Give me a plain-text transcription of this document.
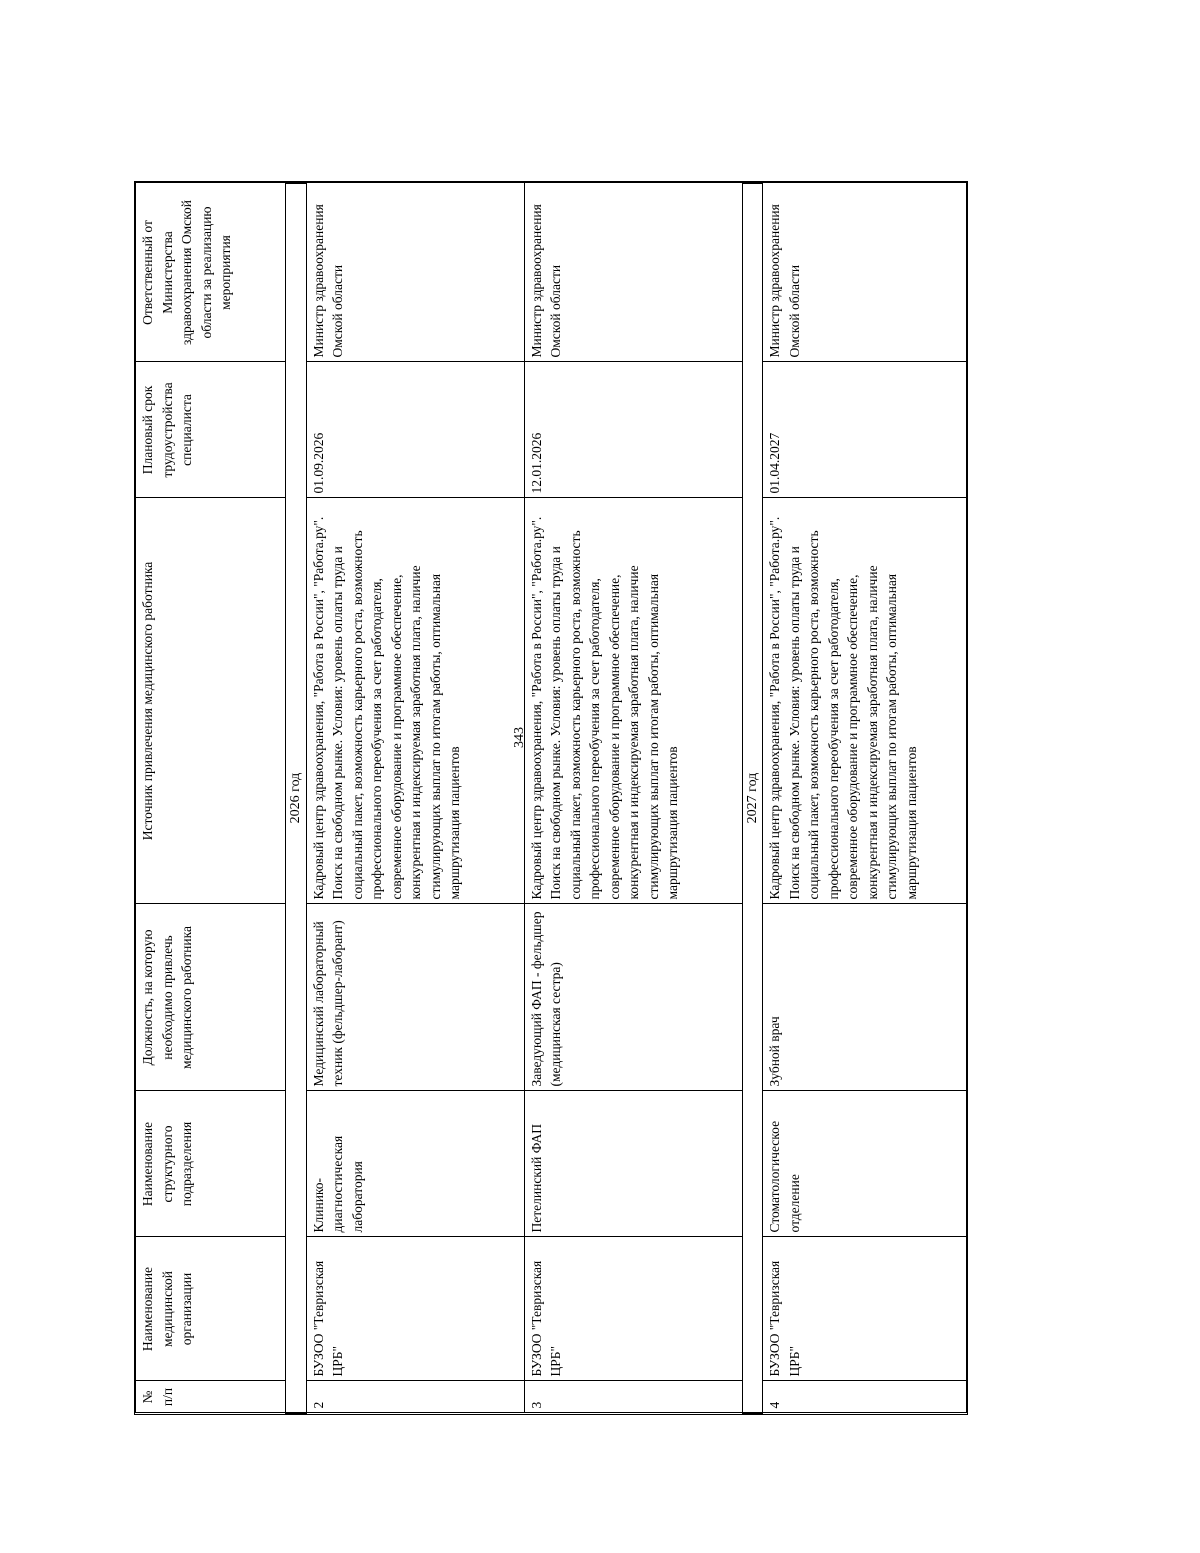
343
№ п/п	Наименование медицинской организации	Наименование структурного подразделения	Должность, на которую необходимо привлечь медицинского работника	Источник привлечения медицинского работника	Плановый срок трудоустройства специалиста	Ответственный от Министерства здравоохранения Омской области за реализацию мероприятия
2026 год						
2	БУЗОО "Тевризская ЦРБ"	Клинико-диагностическая лаборатория	Медицинский лабораторный техник (фельдшер-лаборант)	Кадровый центр здравоохранения, "Работа в России", "Работа.ру". Поиск на свободном рынке. Условия: уровень оплаты труда и социальный пакет, возможность карьерного роста, возможность профессионального переобучения за счет работодателя, современное оборудование и программное обеспечение, конкурентная и индексируемая заработная плата, наличие стимулирующих выплат по итогам работы, оптимальная маршрутизация пациентов	01.09.2026	Министр здравоохранения Омской области
3	БУЗОО "Тевризская ЦРБ"	Петелинский ФАП	Заведующий ФАП - фельдшер (медицинская сестра)	Кадровый центр здравоохранения, "Работа в России", "Работа.ру". Поиск на свободном рынке. Условия: уровень оплаты труда и социальный пакет, возможность карьерного роста, возможность профессионального переобучения за счет работодателя, современное оборудование и программное обеспечение, конкурентная и индексируемая заработная плата, наличие стимулирующих выплат по итогам работы, оптимальная маршрутизация пациентов	12.01.2026	Министр здравоохранения Омской области
2027 год						
4	БУЗОО "Тевризская ЦРБ"	Стоматологическое отделение	Зубной врач	Кадровый центр здравоохранения, "Работа в России", "Работа.ру". Поиск на свободном рынке. Условия: уровень оплаты труда и социальный пакет, возможность карьерного роста, возможность профессионального переобучения за счет работодателя, современное оборудование и программное обеспечение, конкурентная и индексируемая заработная плата, наличие стимулирующих выплат по итогам работы, оптимальная маршрутизация пациентов	01.04.2027	Министр здравоохранения Омской области
